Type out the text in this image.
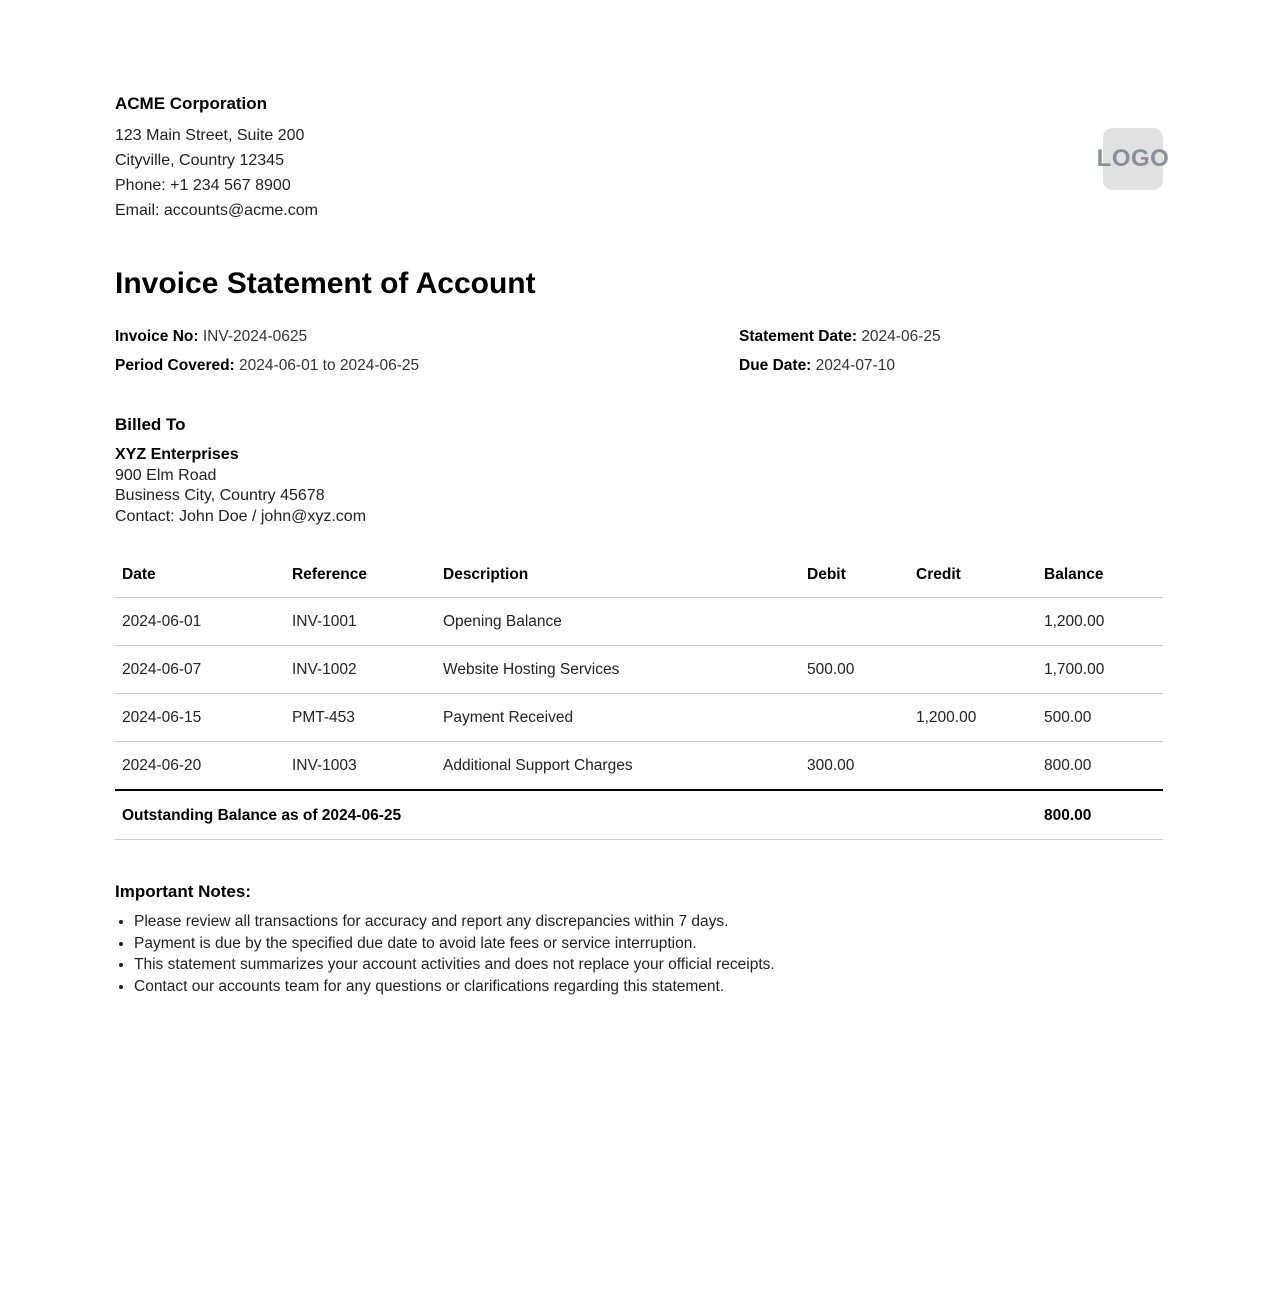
ACME Corporation
123 Main Street, Suite 200
Cityville, Country 12345
Phone: +1 234 567 8900
Email: accounts@acme.com
LOGO
Invoice Statement of Account
Invoice No: INV-2024-0625	Statement Date: 2024-06-25
Period Covered: 2024-06-01 to 2024-06-25	Due Date: 2024-07-10
Billed To
XYZ Enterprises
900 Elm Road
Business City, Country 45678
Contact: John Doe / john@xyz.com
Date	Reference	Description	Debit	Credit	Balance
2024-06-01	INV-1001	Opening Balance			1,200.00
2024-06-07	INV-1002	Website Hosting Services	500.00		1,700.00
2024-06-15	PMT-453	Payment Received		1,200.00	500.00
2024-06-20	INV-1003	Additional Support Charges	300.00		800.00
Outstanding Balance as of 2024-06-25					800.00
Important Notes:
• Please review all transactions for accuracy and report any discrepancies within 7 days.
• Payment is due by the specified due date to avoid late fees or service interruption.
• This statement summarizes your account activities and does not replace your official receipts.
• Contact our accounts team for any questions or clarifications regarding this statement.
